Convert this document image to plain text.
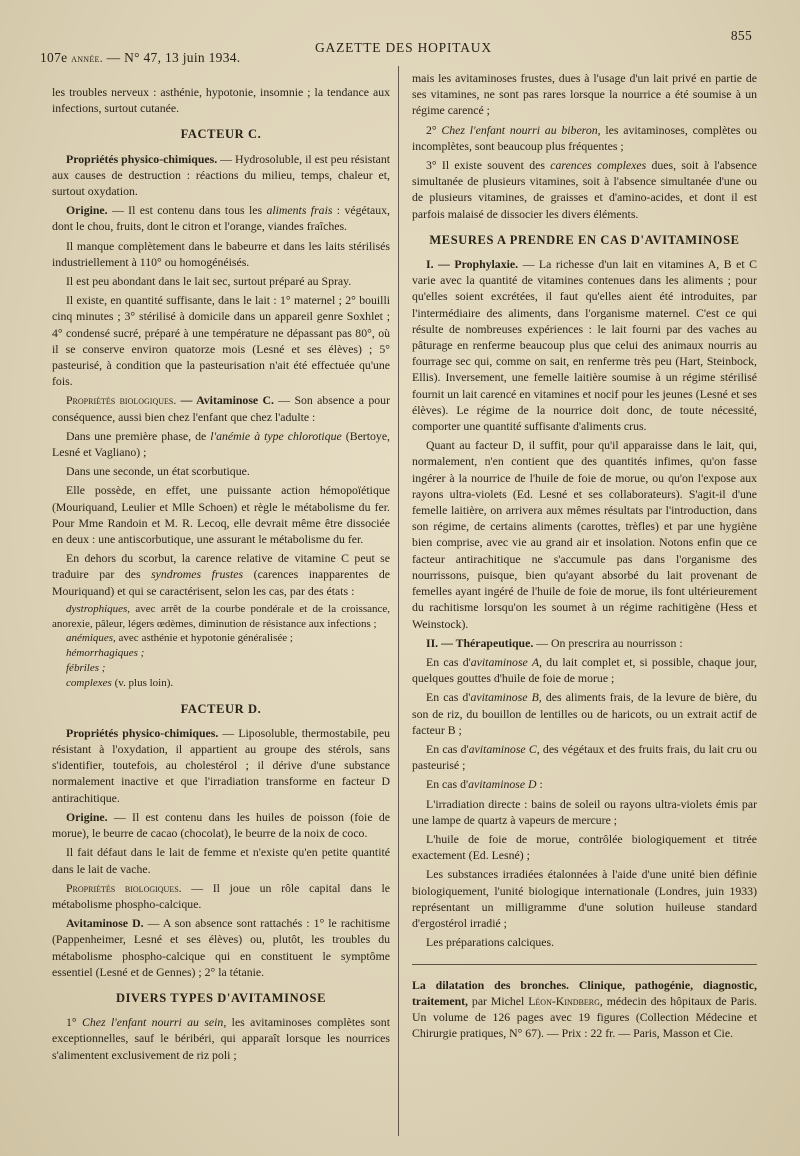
107e année. — N° 47, 13 juin 1934.
GAZETTE DES HOPITAUX
855

les troubles nerveux : asthénie, hypotonie, insomnie ; la tendance aux infections, surtout cutanée.

FACTEUR C.

Propriétés physico-chimiques. — Hydrosoluble, il est peu résistant aux causes de destruction : réactions du milieu, temps, chaleur et, surtout oxydation.

Origine. — Il est contenu dans tous les aliments frais : végétaux, dont le chou, fruits, dont le citron et l'orange, viandes fraîches.

Il manque complètement dans le babeurre et dans les laits stérilisés industriellement à 110° ou homogénéisés.

Il est peu abondant dans le lait sec, surtout préparé au Spray.

Il existe, en quantité suffisante, dans le lait : 1° maternel ; 2° bouilli cinq minutes ; 3° stérilisé à domicile dans un appareil genre Soxhlet ; 4° condensé sucré, préparé à une température ne dépassant pas 80°, où il se conserve environ quatorze mois (Lesné et ses élèves) ; 5° pasteurisé, à condition que la pasteurisation n'ait été effectuée qu'une fois.

Propriétés biologiques. — Avitaminose C. — Son absence a pour conséquence, aussi bien chez l'enfant que chez l'adulte :

Dans une première phase, de l'anémie à type chlorotique (Bertoye, Lesné et Vagliano) ;

Dans une seconde, un état scorbutique.

Elle possède, en effet, une puissante action hémopoïétique (Mouriquand, Leulier et Mlle Schoen) et règle le métabolisme du fer. Pour Mme Randoin et M. R. Lecoq, elle devrait même être dissociée en deux : une antiscorbutique, une assurant le métabolisme du fer.

En dehors du scorbut, la carence relative de vitamine C peut se traduire par des syndromes frustes (carences inapparentes de Mouriquand) et qui se caractérisent, selon les cas, par des états :

dystrophiques, avec arrêt de la courbe pondérale et de la croissance, anorexie, pâleur, légers œdèmes, diminution de résistance aux infections ;

anémiques, avec asthénie et hypotonie généralisée ;

hémorrhagiques ;

fébriles ;

complexes (v. plus loin).

FACTEUR D.

Propriétés physico-chimiques. — Liposoluble, thermostabile, peu résistant à l'oxydation, il appartient au groupe des stérols, sans s'identifier, toutefois, au cholestérol ; il dérive d'une substance normalement inactive et que l'irradiation transforme en facteur D antirachitique.

Origine. — Il est contenu dans les huiles de poisson (foie de morue), le beurre de cacao (chocolat), le beurre de la noix de coco.

Il fait défaut dans le lait de femme et n'existe qu'en petite quantité dans le lait de vache.

Propriétés biologiques. — Il joue un rôle capital dans le métabolisme phospho-calcique.

Avitaminose D. — A son absence sont rattachés : 1° le rachitisme (Pappenheimer, Lesné et ses élèves) ou, plutôt, les troubles du métabolisme phospho-calcique qui en constituent le symptôme essentiel (Lesné et de Gennes) ; 2° la tétanie.

DIVERS TYPES D'AVITAMINOSE

1° Chez l'enfant nourri au sein, les avitaminoses complètes sont exceptionnelles, sauf le béribéri, qui apparaît lorsque les nourrices s'alimentent exclusivement de riz poli ;

mais les avitaminoses frustes, dues à l'usage d'un lait privé en partie de ses vitamines, ne sont pas rares lorsque la nourrice a été soumise à un régime carencé ;

2° Chez l'enfant nourri au biberon, les avitaminoses, complètes ou incomplètes, sont beaucoup plus fréquentes ;

3° Il existe souvent des carences complexes dues, soit à l'absence simultanée de plusieurs vitamines, soit à l'absence simultanée d'une ou de plusieurs vitamines, de graisses et d'amino-acides, et dont il est parfois malaisé de dissocier les divers éléments.

MESURES A PRENDRE EN CAS D'AVITAMINOSE

I. — Prophylaxie. — La richesse d'un lait en vitamines A, B et C varie avec la quantité de vitamines contenues dans les aliments ; pour qu'elles soient excrétées, il faut qu'elles aient été introduites, par l'intermédiaire des aliments, dans l'organisme maternel. C'est ce qui résulte de nombreuses expériences : le lait fourni par des vaches au pâturage en renferme beaucoup plus que celui des animaux nourris au fourrage sec qui, comme on sait, en renferme très peu (Hart, Steinbock, Ellis). Inversement, une femelle laitière soumise à un régime stérilisé fournit un lait carencé en vitamines et nocif pour les jeunes (Lesné et ses élèves). Le régime de la nourrice doit donc, de toute nécessité, comporter une quantité suffisante d'aliments crus.

Quant au facteur D, il suffit, pour qu'il apparaisse dans le lait, qui, normalement, n'en contient que des quantités infimes, qu'on fasse ingérer à la nourrice de l'huile de foie de morue, ou qu'on l'expose aux rayons ultra-violets (Ed. Lesné et ses collaborateurs). S'agit-il d'une femelle laitière, on arrivera aux mêmes résultats par l'introduction, dans son régime, de certains aliments (carottes, trèfles) et par une hygiène bien comprise, avec vie au grand air et insolation. Notons enfin que ce facteur antirachitique ne s'accumule pas dans l'organisme des nourrissons, puisque, bien qu'ayant absorbé du lait provenant de femelles ayant ingéré de l'huile de foie de morue, ils font ultérieurement du rachitisme lorsqu'on les soumet à un régime rachitigène (Hess et Weinstock).

II. — Thérapeutique. — On prescrira au nourrisson :

En cas d'avitaminose A, du lait complet et, si possible, chaque jour, quelques gouttes d'huile de foie de morue ;

En cas d'avitaminose B, des aliments frais, de la levure de bière, du son de riz, du bouillon de lentilles ou de haricots, ou un extrait actif de facteur B ;

En cas d'avitaminose C, des végétaux et des fruits frais, du lait cru ou pasteurisé ;

En cas d'avitaminose D :

L'irradiation directe : bains de soleil ou rayons ultra-violets émis par une lampe de quartz à vapeurs de mercure ;

L'huile de foie de morue, contrôlée biologiquement et titrée exactement (Ed. Lesné) ;

Les substances irradiées étalonnées à l'aide d'une unité bien définie biologiquement, l'unité biologique internationale (Londres, juin 1933) représentant un milligramme d'une solution huileuse standard d'ergostérol irradié ;

Les préparations calciques.

La dilatation des bronches. Clinique, pathogénie, diagnostic, traitement, par Michel Léon-Kindberg, médecin des hôpitaux de Paris. Un volume de 126 pages avec 19 figures (Collection Médecine et Chirurgie pratiques, N° 67). — Prix : 22 fr. — Paris, Masson et Cie.
